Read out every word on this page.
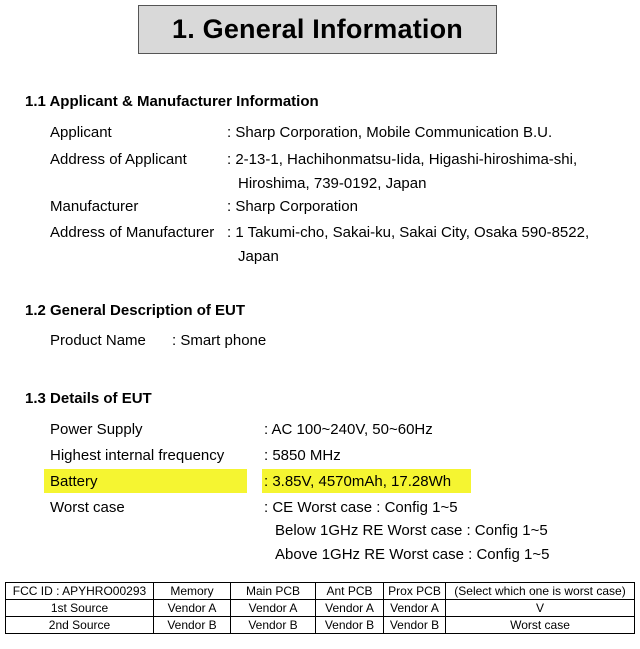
1. General Information
1.1 Applicant & Manufacturer Information
Applicant	: Sharp Corporation, Mobile Communication B.U.
Address of Applicant	: 2-13-1, Hachihonmatsu-Iida, Higashi-hiroshima-shi,
Hiroshima, 739-0192, Japan
Manufacturer	: Sharp Corporation
Address of Manufacturer : 1 Takumi-cho, Sakai-ku, Sakai City, Osaka 590-8522,
Japan
1.2 General Description of EUT
Product Name : Smart phone
1.3 Details of EUT
Power Supply	: AC 100~240V, 50~60Hz
Highest internal frequency	: 5850 MHz
Battery	: 3.85V, 4570mAh, 17.28Wh
Worst case	: CE Worst case : Config 1~5
Below 1GHz RE Worst case : Config 1~5
Above 1GHz RE Worst case : Config 1~5
FCC ID : APYHRO00293	Memory	Main PCB	Ant PCB	Prox PCB	(Select which one is worst case)
1st Source	Vendor A	Vendor A	Vendor A	Vendor A	V
2nd Source	Vendor B	Vendor B	Vendor B	Vendor B	Worst case
